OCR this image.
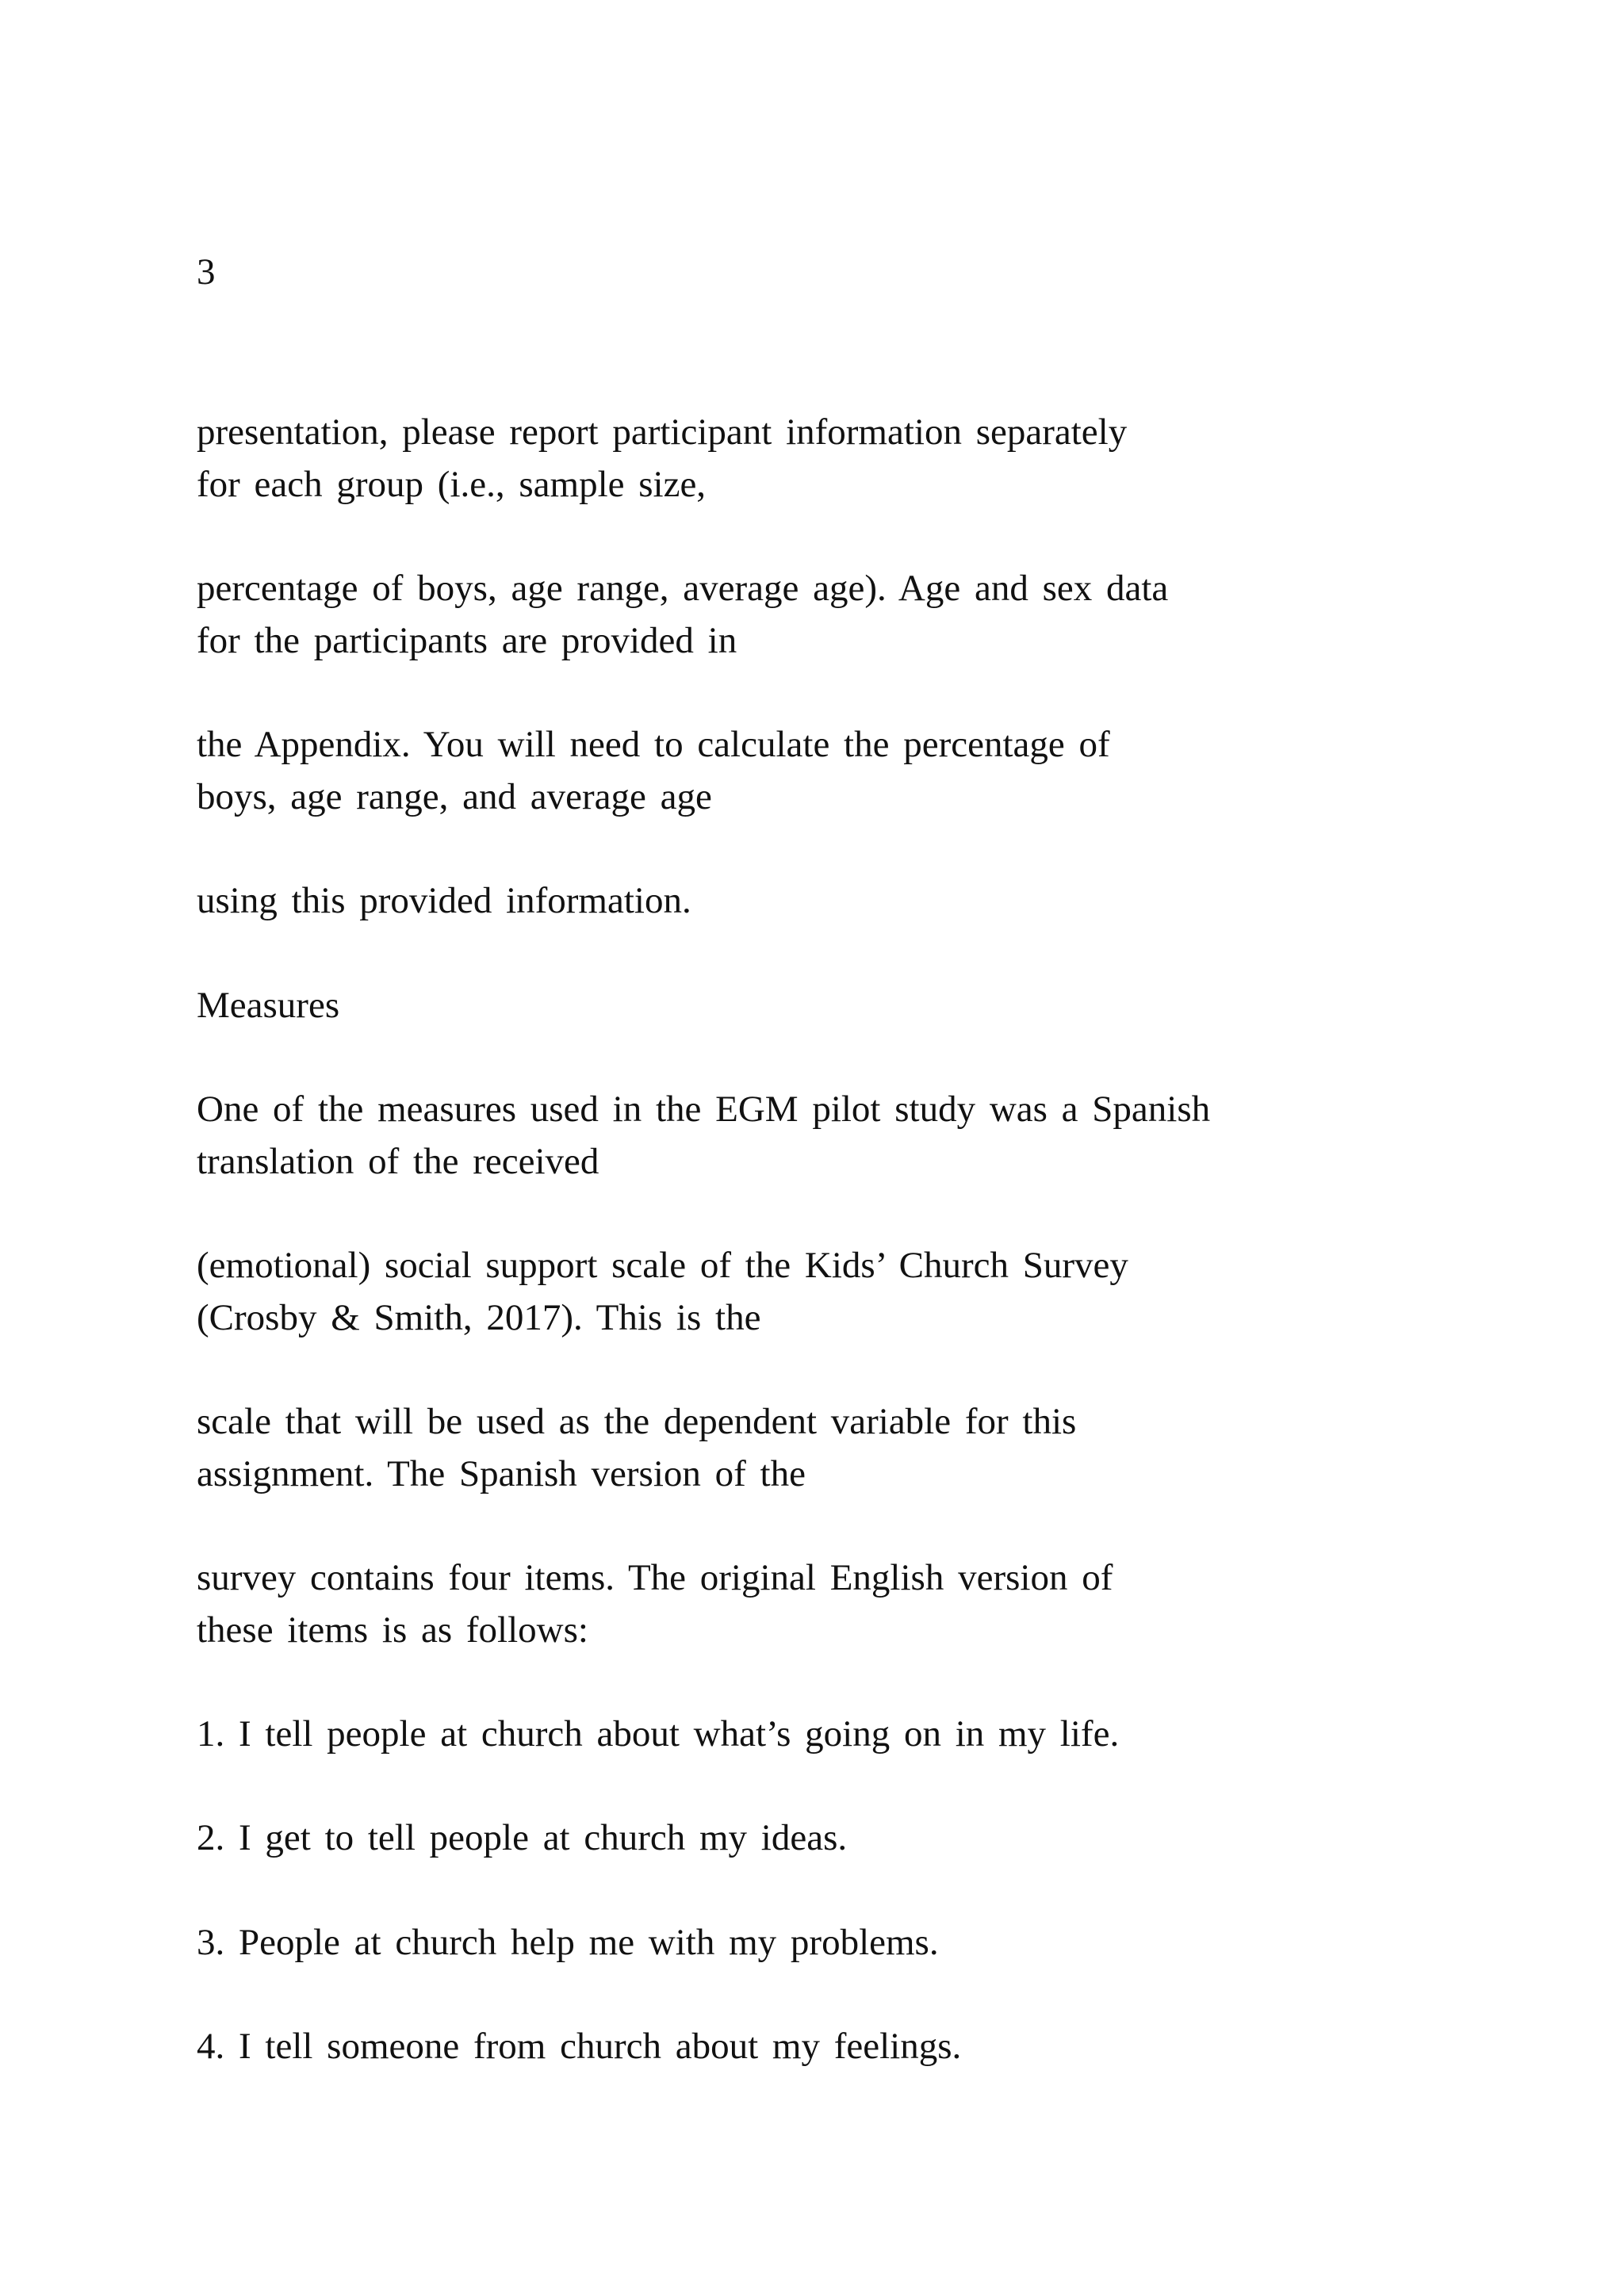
3

presentation, please report participant information separately

for each group (i.e., sample size,

percentage of boys, age range, average age). Age and sex data

for the participants are provided in

the Appendix. You will need to calculate the percentage of

boys, age range, and average age

using this provided information.

Measures

One of the measures used in the EGM pilot study was a Spanish

translation of the received

(emotional) social support scale of the Kids’ Church Survey

(Crosby & Smith, 2017). This is the

scale that will be used as the dependent variable for this

assignment. The Spanish version of the

survey contains four items. The original English version of

these items is as follows:

1. I tell people at church about what’s going on in my life.

2. I get to tell people at church my ideas.

3. People at church help me with my problems.

4. I tell someone from church about my feelings.
